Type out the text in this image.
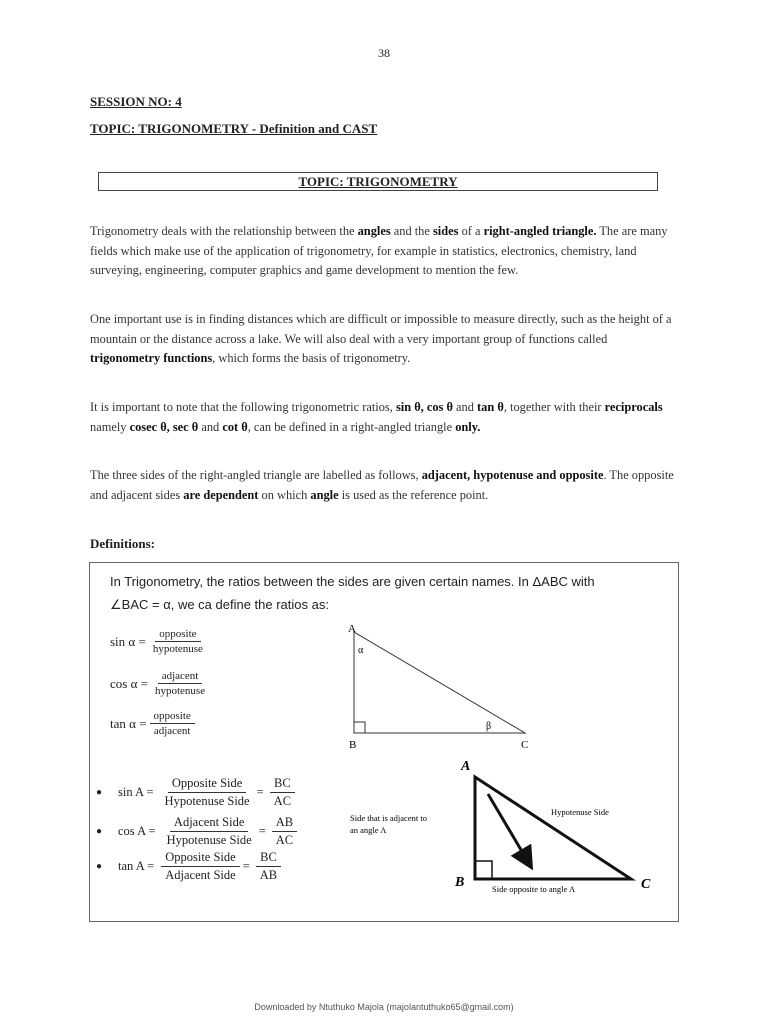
38
SESSION NO: 4
TOPIC: TRIGONOMETRY - Definition and CAST
TOPIC: TRIGONOMETRY
Trigonometry deals with the relationship between the angles and the sides of a right-angled triangle. The are many fields which make use of the application of trigonometry, for example in statistics, electronics, chemistry, land surveying, engineering, computer graphics and game development to mention the few.
One important use is in finding distances which are difficult or impossible to measure directly, such as the height of a mountain or the distance across a lake. We will also deal with a very important group of functions called trigonometry functions, which forms the basis of trigonometry.
It is important to note that the following trigonometric ratios, sin θ, cos θ and tan θ, together with their reciprocals namely cosec θ, sec θ and cot θ, can be defined in a right-angled triangle only.
The three sides of the right-angled triangle are labelled as follows, adjacent, hypotenuse and opposite. The opposite and adjacent sides are dependent on which angle is used as the reference point.
Definitions:
In Trigonometry, the ratios between the sides are given certain names. In ΔABC with
∠BAC = α, we ca define the ratios as:
$\sin \alpha = \frac{\text{opposite}}{\text{hypotenuse}}$
$\cos \alpha = \frac{\text{adjacent}}{\text{hypotenuse}}$
$\tan \alpha = \frac{\text{opposite}}{\text{adjacent}}$
A
α
β
B	C
●	$\sin A = \frac{\text{Opposite Side}}{\text{Hypotenuse Side}} = \frac{BC}{AC}$
●	$\cos A = \frac{\text{Adjacent Side}}{\text{Hypotenuse Side}} = \frac{AB}{AC}$
●	$\tan A = \frac{\text{Opposite Side}}{\text{Adjacent Side}} = \frac{BC}{AB}$
A
B	C
Side that is adjacent to
an angle A
Hypotenuse Side
Side opposite to angle A
Downloaded by Ntuthuko Majola (majolantuthuko65@gmail.com)
